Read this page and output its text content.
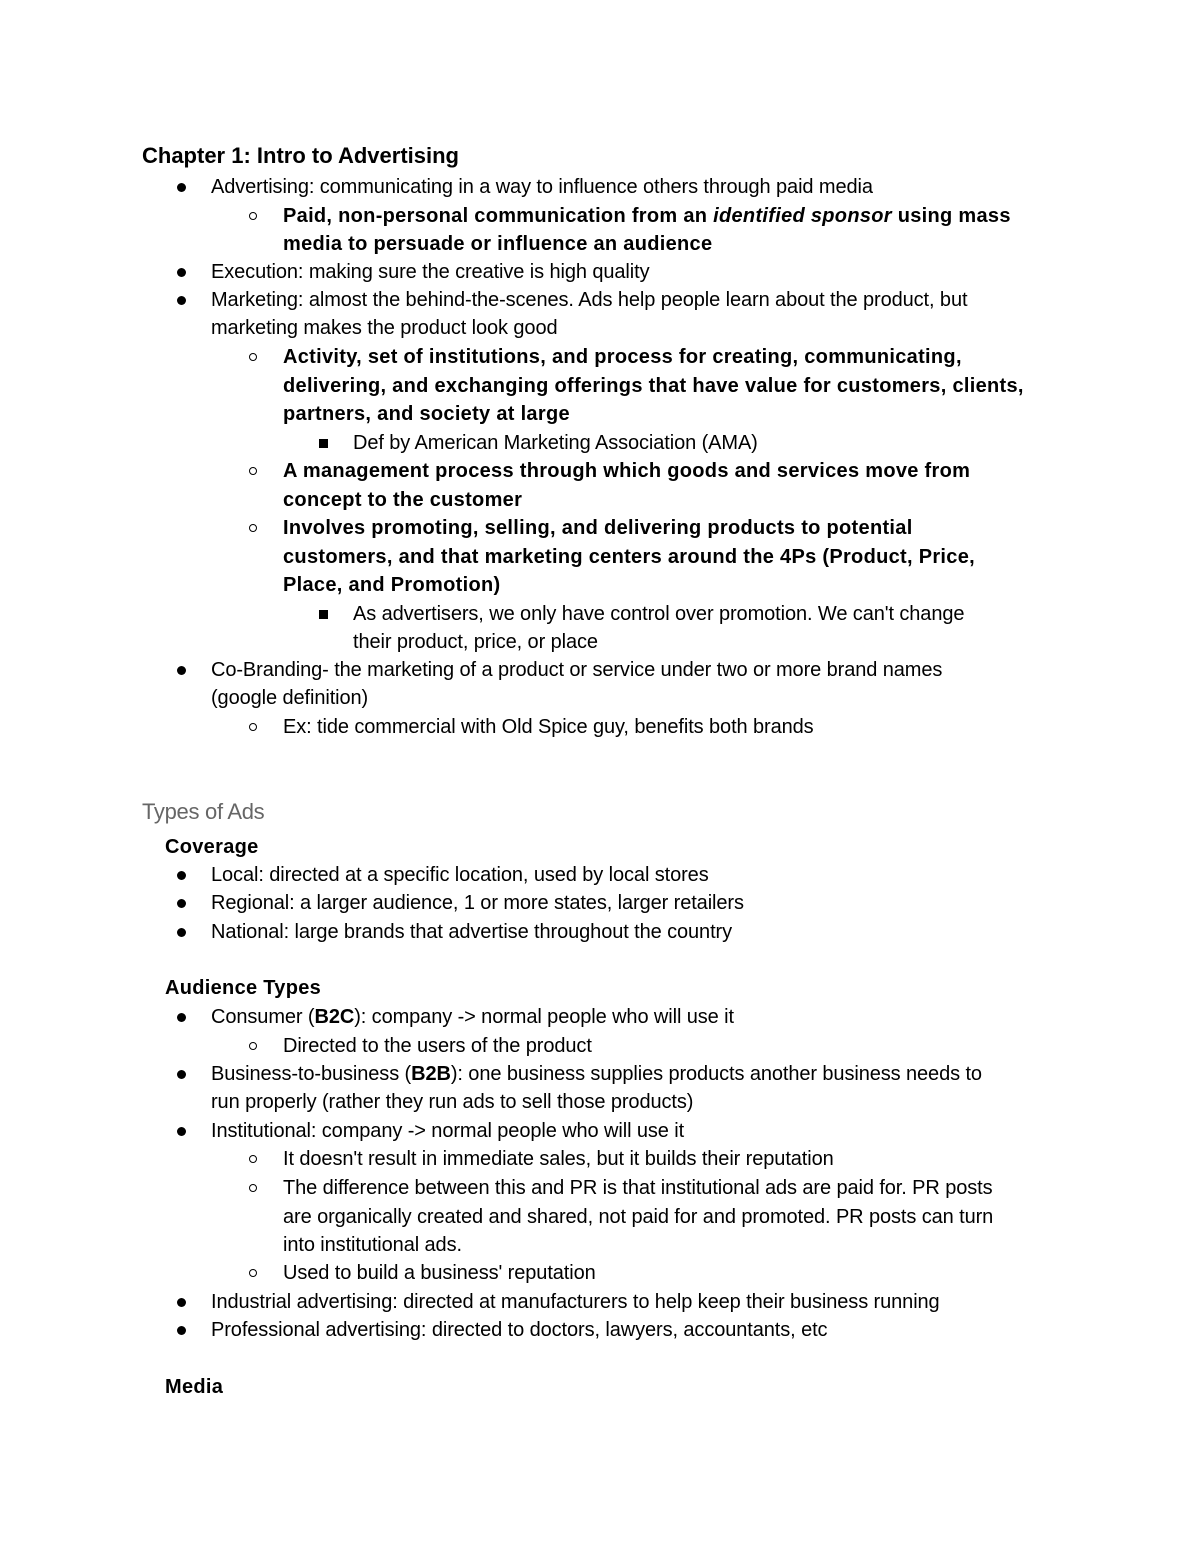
Chapter 1: Intro to Advertising
Advertising: communicating in a way to influence others through paid media
Paid, non-personal communication from an identified sponsor using mass
media to persuade or influence an audience
Execution: making sure the creative is high quality
Marketing: almost the behind-the-scenes. Ads help people learn about the product, but
marketing makes the product look good
Activity, set of institutions, and process for creating, communicating,
delivering, and exchanging offerings that have value for customers, clients,
partners, and society at large
Def by American Marketing Association (AMA)
A management process through which goods and services move from
concept to the customer
Involves promoting, selling, and delivering products to potential
customers, and that marketing centers around the 4Ps (Product, Price,
Place, and Promotion)
As advertisers, we only have control over promotion. We can't change
their product, price, or place
Co-Branding- the marketing of a product or service under two or more brand names
(google definition)
Ex: tide commercial with Old Spice guy, benefits both brands
Types of Ads
Coverage
Local: directed at a specific location, used by local stores
Regional: a larger audience, 1 or more states, larger retailers
National: large brands that advertise throughout the country
Audience Types
Consumer (B2C): company -> normal people who will use it
Directed to the users of the product
Business-to-business (B2B): one business supplies products another business needs to
run properly (rather they run ads to sell those products)
Institutional: company -> normal people who will use it
It doesn't result in immediate sales, but it builds their reputation
The difference between this and PR is that institutional ads are paid for. PR posts
are organically created and shared, not paid for and promoted. PR posts can turn
into institutional ads.
Used to build a business' reputation
Industrial advertising: directed at manufacturers to help keep their business running
Professional advertising: directed to doctors, lawyers, accountants, etc
Media
